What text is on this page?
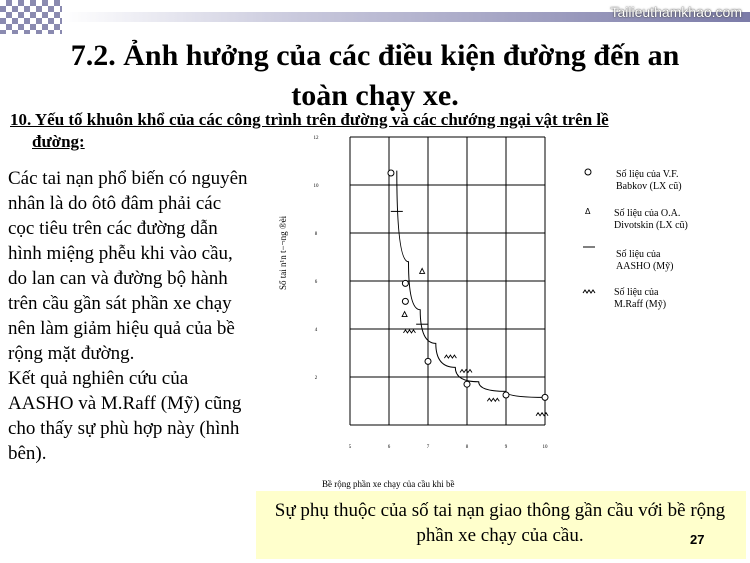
Tailieuthamkhao.com
7.2. Ảnh hưởng của các điều kiện đường đến an
toàn chạy xe.
10. Yếu tố khuôn khổ của các công trình trên đường và các chướng ngại vật trên lề
đường:

Các tai nạn phổ biến có nguyên nhân là do ôtô đâm phải các cọc tiêu trên các đường dẫn hình miệng phễu khi vào cầu, do lan can và đường bộ hành trên cầu gần sát phần xe chạy nên làm giảm hiệu quả của bề rộng mặt đường.

Kết quả nghiên cứu của AASHO và M.Raff (Mỹ) cũng cho thấy sự phù hợp này (hình bên).	5	6	7	8	9	10
2
4
6
8
10
12
Δ
Số liệu của V.F.
Babkov (LX cũ)
Số liệu của O.A.
Divotskin (LX cũ)
Số liệu của
AASHO (Mỹ)
Số liệu của
M.Raff (Mỹ)
Số tai n¹n t−¬ng ®èi
Bề rộng phần xe chạy của cầu khi bề
Sự phụ thuộc của số tai nạn giao thông gần cầu với bề rộng phần xe chạy của cầu.	27
